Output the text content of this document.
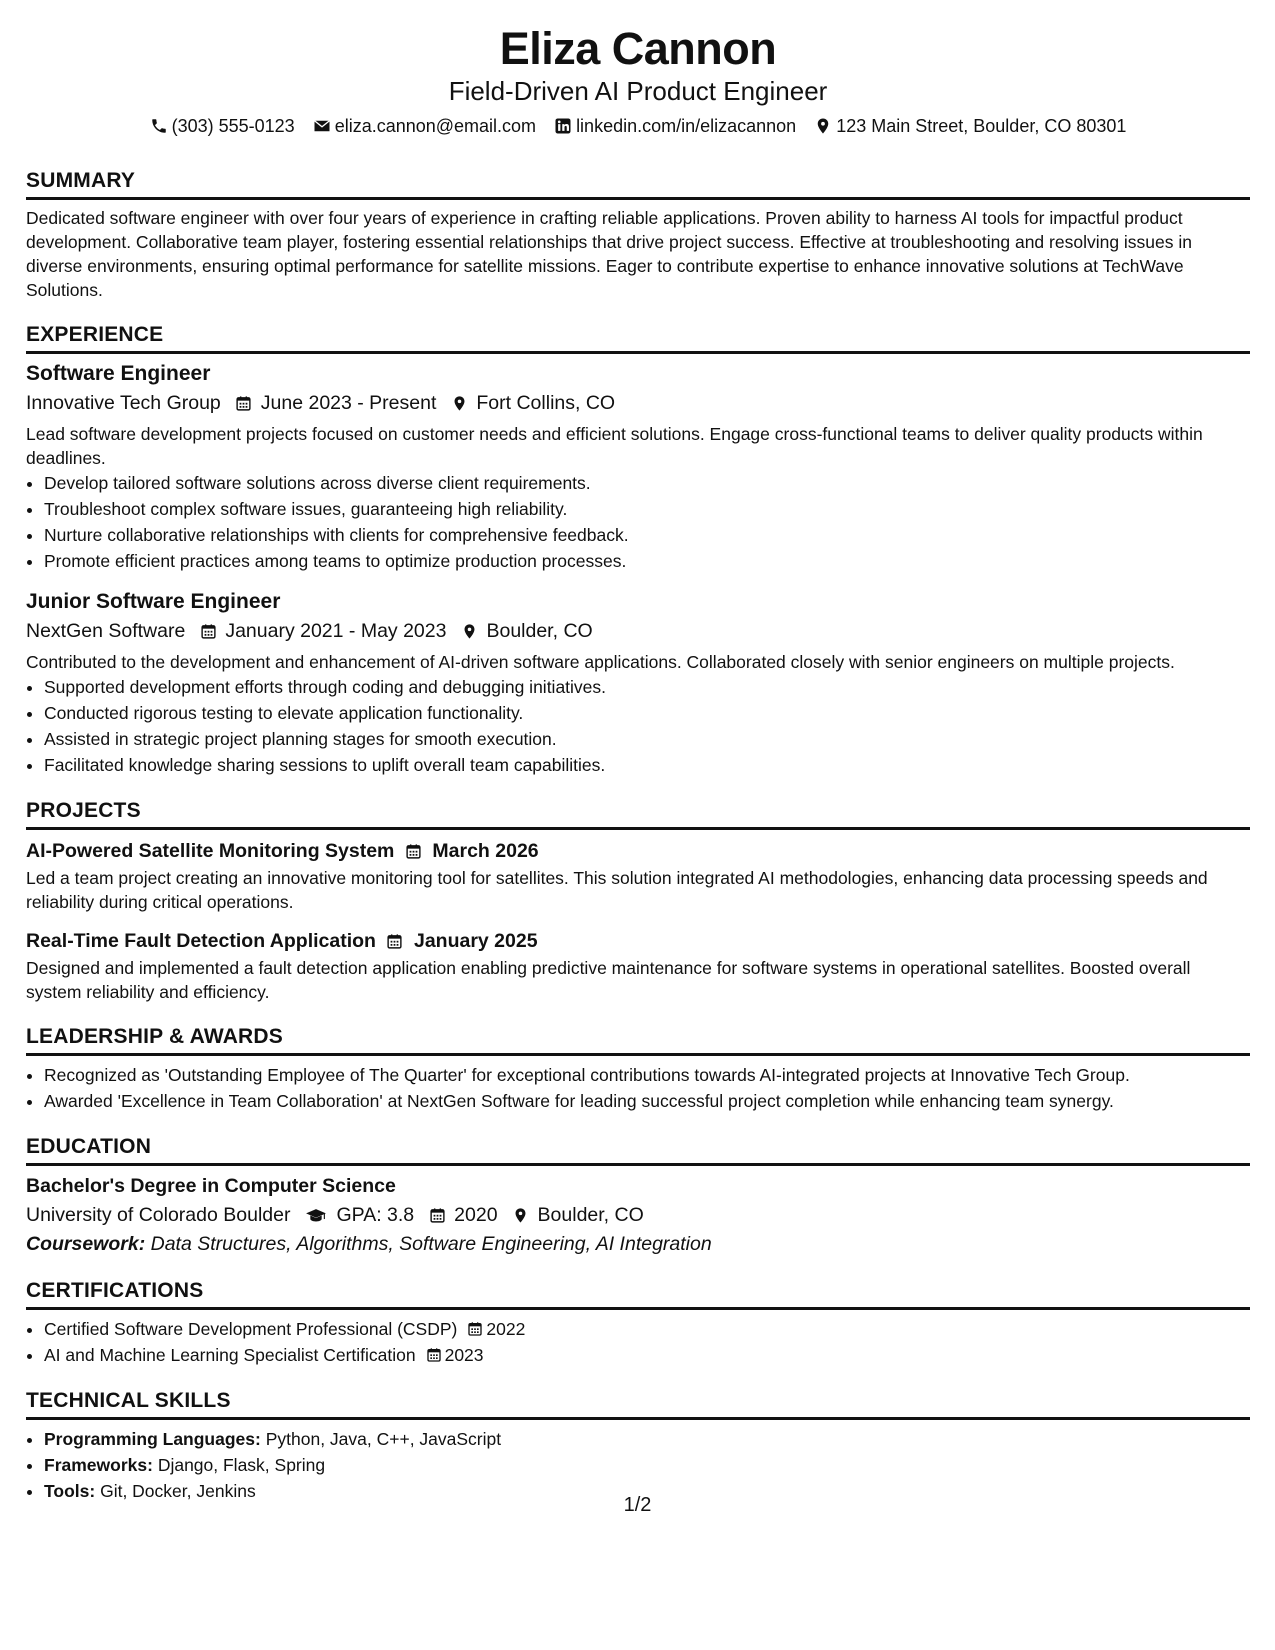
Eliza Cannon
Field-Driven AI Product Engineer
(303) 555-0123 eliza.cannon@email.com linkedin.com/in/elizacannon 123 Main Street, Boulder, CO 80301
SUMMARY
Dedicated software engineer with over four years of experience in crafting reliable applications. Proven ability to harness AI tools for impactful product development. Collaborative team player, fostering essential relationships that drive project success. Effective at troubleshooting and resolving issues in diverse environments, ensuring optimal performance for satellite missions. Eager to contribute expertise to enhance innovative solutions at TechWave Solutions.
EXPERIENCE
Software Engineer
Innovative Tech Group June 2023 - Present Fort Collins, CO
Lead software development projects focused on customer needs and efficient solutions. Engage cross-functional teams to deliver quality products within deadlines.
• Develop tailored software solutions across diverse client requirements.
• Troubleshoot complex software issues, guaranteeing high reliability.
• Nurture collaborative relationships with clients for comprehensive feedback.
• Promote efficient practices among teams to optimize production processes.
Junior Software Engineer
NextGen Software January 2021 - May 2023 Boulder, CO
Contributed to the development and enhancement of AI-driven software applications. Collaborated closely with senior engineers on multiple projects.
• Supported development efforts through coding and debugging initiatives.
• Conducted rigorous testing to elevate application functionality.
• Assisted in strategic project planning stages for smooth execution.
• Facilitated knowledge sharing sessions to uplift overall team capabilities.
PROJECTS
AI-Powered Satellite Monitoring System March 2026
Led a team project creating an innovative monitoring tool for satellites. This solution integrated AI methodologies, enhancing data processing speeds and reliability during critical operations.
Real-Time Fault Detection Application January 2025
Designed and implemented a fault detection application enabling predictive maintenance for software systems in operational satellites. Boosted overall system reliability and efficiency.
LEADERSHIP & AWARDS
• Recognized as 'Outstanding Employee of The Quarter' for exceptional contributions towards AI-integrated projects at Innovative Tech Group.
• Awarded 'Excellence in Team Collaboration' at NextGen Software for leading successful project completion while enhancing team synergy.
EDUCATION
Bachelor's Degree in Computer Science
University of Colorado Boulder GPA: 3.8 2020 Boulder, CO
Coursework: Data Structures, Algorithms, Software Engineering, AI Integration
CERTIFICATIONS
• Certified Software Development Professional (CSDP) 2022
• AI and Machine Learning Specialist Certification 2023
TECHNICAL SKILLS
• Programming Languages: Python, Java, C++, JavaScript
• Frameworks: Django, Flask, Spring
• Tools: Git, Docker, Jenkins
1/2
